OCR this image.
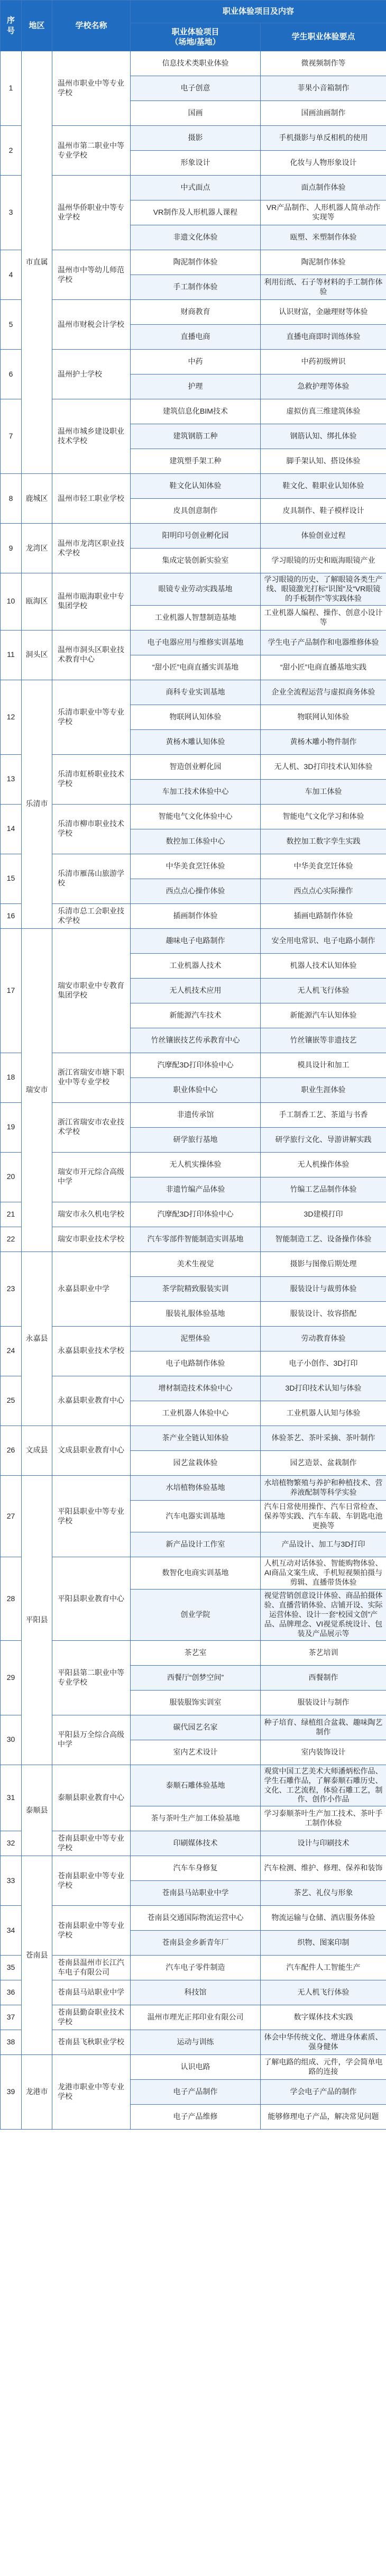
序号	地区	学校名称	职业体验项目及内容	
			职业体验项目
（场地/基地）	学生职业体验要点
1	市直属	温州市职业中等专业学校	信息技术类职业体验	微视频制作等
			电子创意	菲果小音箱制作
			国画	国画油画制作
2		温州市第二职业中等专业学校	摄影	手机摄影与单反相机的使用
			形象设计	化妆与人物形象设计
3		温州华侨职业中等专业学校	中式面点	面点制作体验
			VR制作及人形机器人课程	VR产品制作、人形机器人简单动作实现等
			非遗文化体验	瓯塑、米塑制作体验
4		温州市中等幼儿师范学校	陶泥制作体验	陶泥制作体验
			手工制作体验	利用衍纸、石子等材料的手工制作体验
5		温州市财税会计学校	财商教育	认识财富，金融理财等体验
			直播电商	直播电商即时训练体验
6		温州护士学校	中药	中药初级辨识
			护理	急救护理等体验
7		温州市城乡建设职业技术学校	建筑信息化BIM技术	虚拟仿真三维建筑体验
			建筑钢筋工种	钢筋认知、绑扎体验
			建筑塑手架工种	脚手架认知、搭设体验
8	鹿城区	温州市轻工职业学校	鞋文化认知体验	鞋文化、鞋职业认知体验
			皮具创意制作	皮具制作、鞋子模样设计
9	龙湾区	温州市龙湾区职业技术学校	阳明印号创业孵化园	体验创业过程
			集成定装创新实验室	学习眼镜的历史和瓯海眼镜产业
10	瓯海区	温州市瓯海职业中专集团学校	眼镜专业劳动实践基地	学习眼镜的历史、了解眼镜各类生产线、眼镜激光打标“识图”及“VR眼镜的手板制作”等实践体验
			工业机器人智慧制造基地	工业机器人编程、操作、创意小设计等
11	洞头区	温州市洞头区职业技术教育中心	电子电器应用与维修实训基地	学生电子产品制作和电器维修体验
			“甜小匠”电商直播实训基地	“甜小匠”电商直播基地实践
12	乐清市	乐清市职业中等专业学校	商科专业实训基地	企业全流程运营与虚拟商务体验
			物联网认知体验	物联网认知体验
			黄杨木雕认知体验	黄杨木雕小物件制作
13		乐清市虹桥职业技术学校	智造创业孵化园	无人机、3D打印技术认知体验
			车加工技术体验中心	车加工体验
14		乐清市柳市职业技术学校	智能电气文化体验中心	智能电气文化学习和体验
			数控加工体验中心	数控加工数字孪生实践
15		乐清市雁荡山旅游学校	中华美食烹饪体验	中华美食烹饪体验
			西点点心操作体验	西点点心实际操作
16		乐清市总工会职业技术学校	插画制作体验	插画电路制作体验
17	瑞安市	瑞安市职业中专教育集团学校	趣味电子电路制作	安全用电常识、电子电路小制作
			工业机器人技术	机器人技术认知体验
			无人机技术应用	无人机飞行体验
			新能源汽车技术	新能源汽车认知体验
			竹丝镶嵌技艺传承教育中心	竹丝镶嵌等非遗技艺
18		浙江省瑞安市塘下职业中等专业学校	汽摩配3D打印体验中心	模具设计和加工
			职业体验中心	职业生涯体验
19		浙江省瑞安市农业技术学校	非遗传承馆	手工制香工艺、茶道与书香
			研学旅行基地	研学旅行文化、导游讲解实践
20		瑞安市开元综合高级中学	无人机实操体验	无人机操作体验
			非遗竹编产品体验	竹编工艺品制作体验
21		瑞安市永久机电学校	汽摩配3D打印体验中心	3D建模打印
22		瑞安市职业技术学校	汽车零部件智能制造实训基地	智能制造工艺、设备操作体验
23	永嘉县	永嘉县职业中学	美术生视觉	摄影与图像后期处理
			茶学院精致服装实训	服装设计与裁剪体验
			服装礼服体验基地	服装设计、妆容搭配
24		永嘉县职业技术学校	泥塑体验	劳动教育体验
			电子电路制作体验	电子小创作、3D打印
25		永嘉县职业教育中心	增材制造技术体验中心	3D打印技术认知与体验
			工业机器人体验中心	工业机器人认知与体验
26	文成县	文成县职业教育中心	茶产业全链认知体验	体验茶艺、茶叶采摘、茶叶制作
			园艺盆栽体验	园艺造景、盆栽制作
27	平阳县	平阳县职业中等专业学校	水培植物体验基地	水培植物繁殖与养护和种植技术、营养液配制等科学实验
			汽车电器实训基地	汽车日常使用操作、汽车日常检查、保养等实践、汽车车载、车钥匙电池更换等
			新产品设计工作室	产品设计、加工与3D打印
28		平阳县职业教育中心	数智化电商实训基地	人机互动对话体验、智能购物体验、AI商品文案生成、手机短视频拍摄与剪辑、直播带货体验
			创业学院	视觉营销创意设计体验、商品拍摄体验、直播营销体验、店铺开设、实际运营体验、设计一套“校园文创”产品、品牌理念、VI视觉系统设计、包装及产品展示等
29		平阳县第二职业中等专业学校	茶艺室	茶艺培训
			西餐厅“创梦空间”	西餐制作
			服装服饰实训室	服装设计与制作
30		平阳县万全综合高级中学	碳代园艺名家	种子培育、绿植组合盆栽、趣味陶艺制作
			室内艺术设计	室内装饰设计
31	泰顺县	泰顺县职业教育中心	泰顺石雕体验基地	观赏中国工艺美术大师潘炳松作品、学生石雕作品，了解泰顺石雕历史、文化、工艺流程，体验石雕工艺，制作、创作小作品
			茶与茶叶生产加工体验基地	学习泰顺茶叶生产加工技术、茶叶手工制作体验
32		苍南县职业中等专业学校	印刷媒体技术	设计与印刷技术
33	苍南县	苍南县职业中等专业学校	汽车车身修复	汽车检测、维护、修理、保养和装饰
			苍南县马站职业中学	茶艺、礼仪与形象
34		苍南县职业中等专业学校	苍南县交通国际物流运营中心	物流运输与仓储、酒店服务体验
			苍南县金乡新青年厂	织物、图案印制
35		苍南县温州市长江汽车电子有限公司	汽车电子零件制造	汽车配件人工智能生产
36		苍南县马站职业中学	科技馆	无人机飞行体验
37		苍南县勤奋职业技术学校	温州市理光正邦印业有限公司	数字媒体技术实践
38		苍南县飞秋职业学校	运动与训练	体会中华传统文化、增进身体素质、强身健体
39	龙港市	龙港市职业中等专业学校	认识电路	了解电路的组成、元件，学会简单电路的连接
			电子产品制作	学会电子产品的制作
			电子产品维修	能够修理电子产品，解决常见问题
